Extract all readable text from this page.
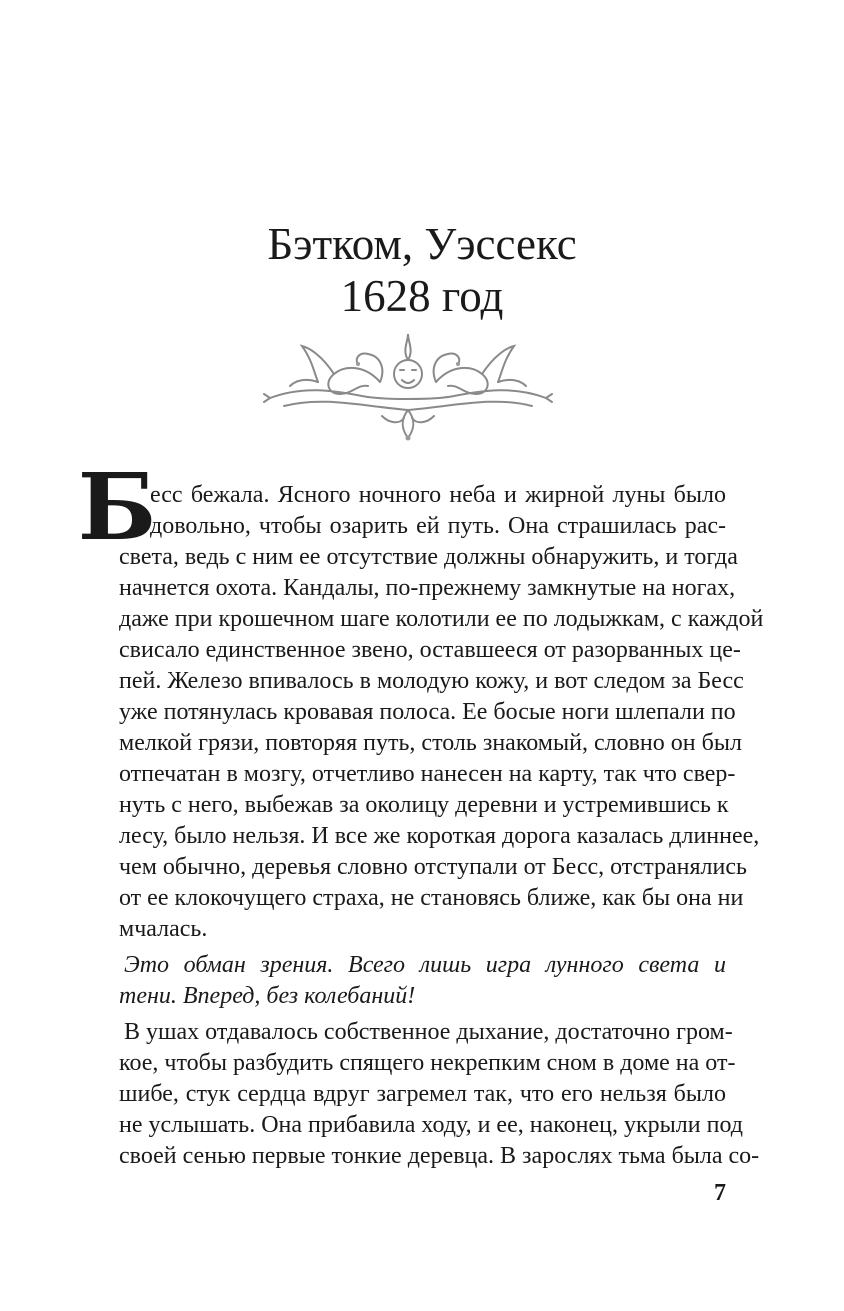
Бэтком, Уэссекс
1628 год
Б
есс бежала. Ясного ночного неба и жирной луны было
довольно, чтобы озарить ей путь. Она страшилась рас-
света, ведь с ним ее отсутствие должны обнаружить, и тогда
начнется охота. Кандалы, по-прежнему замкнутые на ногах,
даже при крошечном шаге колотили ее по лодыжкам, с каждой
свисало единственное звено, оставшееся от разорванных це-
пей. Железо впивалось в молодую кожу, и вот следом за Бесс
уже потянулась кровавая полоса. Ее босые ноги шлепали по
мелкой грязи, повторяя путь, столь знакомый, словно он был
отпечатан в мозгу, отчетливо нанесен на карту, так что свер-
нуть с него, выбежав за околицу деревни и устремившись к
лесу, было нельзя. И все же короткая дорога казалась длиннее,
чем обычно, деревья словно отступали от Бесс, отстранялись
от ее клокочущего страха, не становясь ближе, как бы она ни
мчалась.
Это обман зрения. Всего лишь игра лунного света и
тени. Вперед, без колебаний!
В ушах отдавалось собственное дыхание, достаточно гром-
кое, чтобы разбудить спящего некрепким сном в доме на от-
шибе, стук сердца вдруг загремел так, что его нельзя было
не услышать. Она прибавила ходу, и ее, наконец, укрыли под
своей сенью первые тонкие деревца. В зарослях тьма была со-
7
